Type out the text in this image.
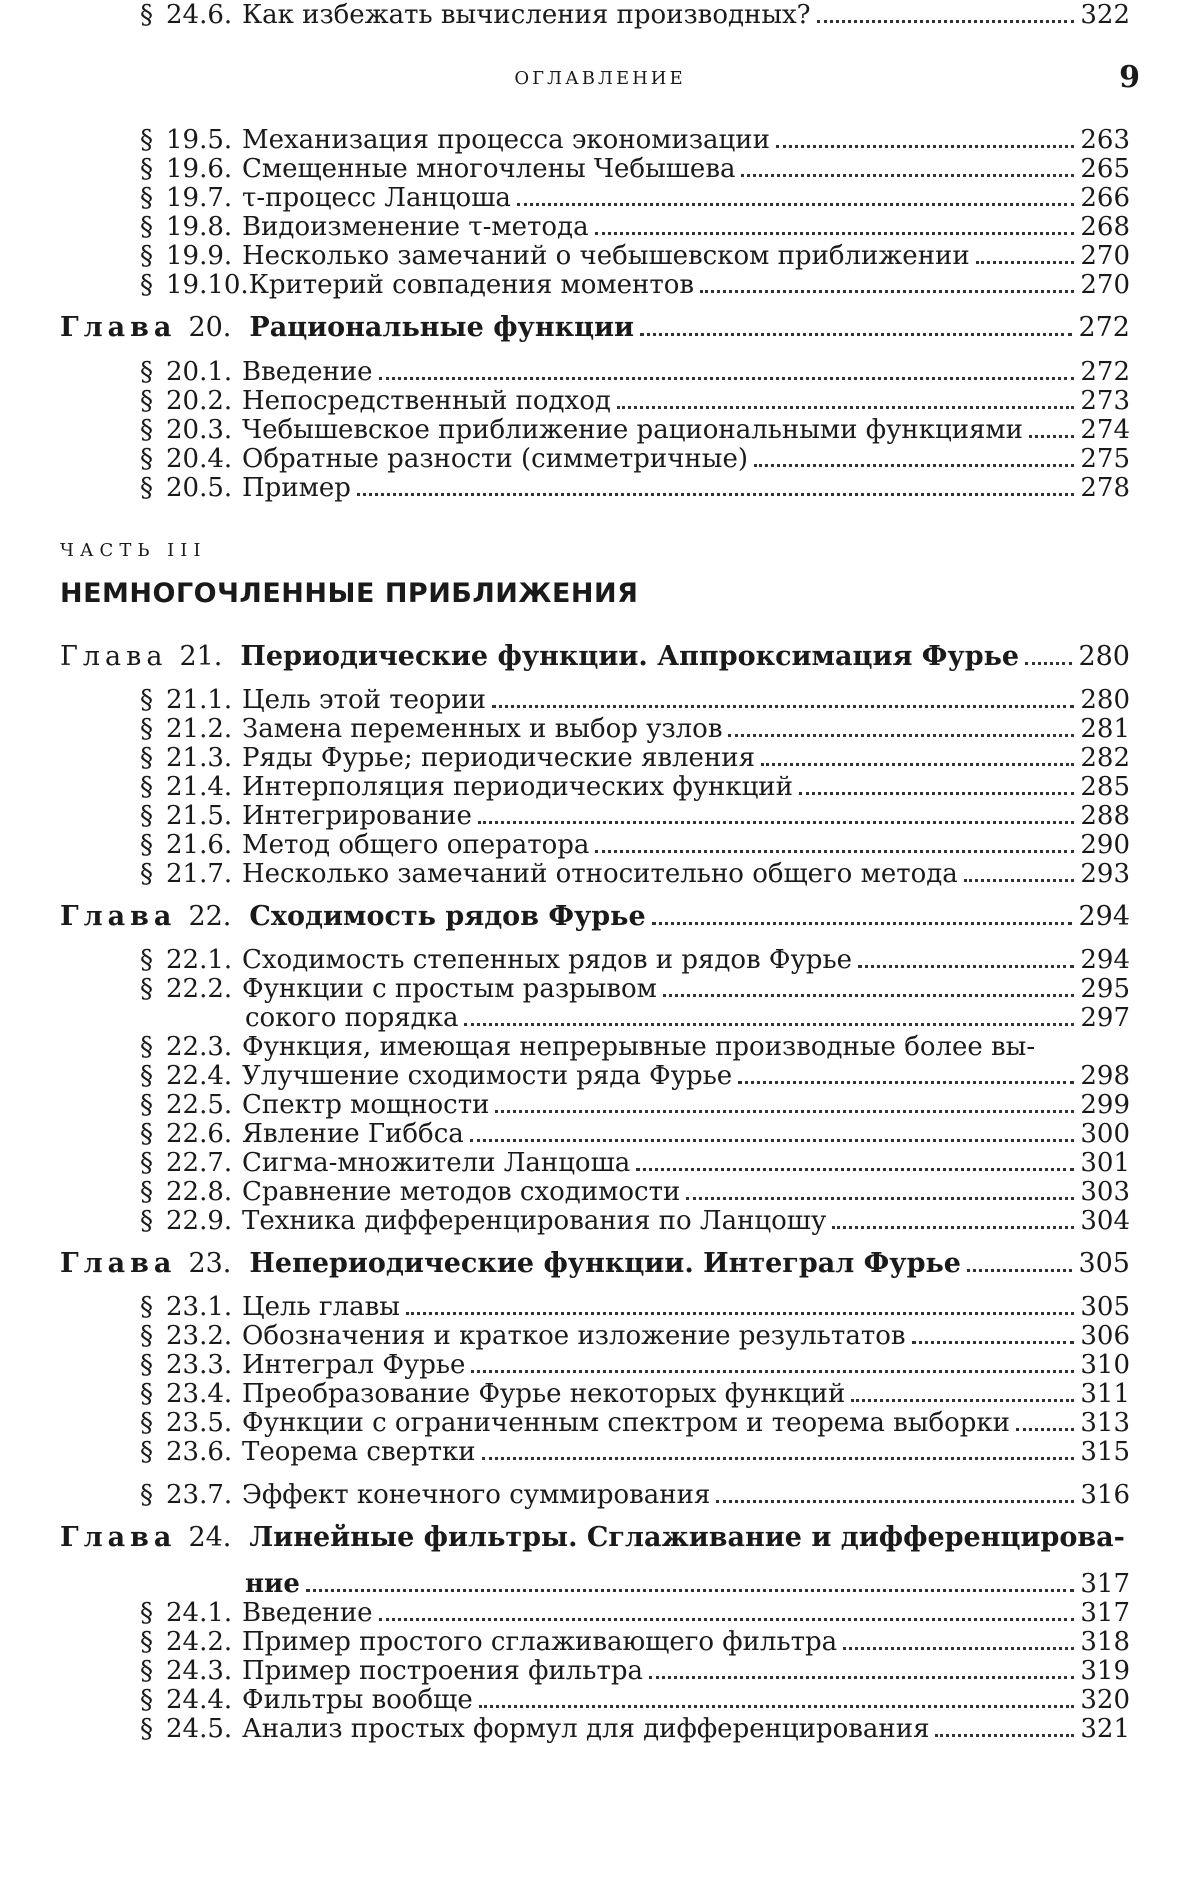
ОГЛАВЛЕНИЕ	9
ЧАСТЬ III
НЕМНОГОЧЛЕННЫЕ ПРИБЛИЖЕНИЯ
§ 19.5. Механизация процесса экономизации	263
§ 19.6. Смещенные многочлены Чебышева	265
§ 19.7. τ-процесс Ланцоша	266
§ 19.8. Видоизменение τ-метода	268
§ 19.9. Несколько замечаний о чебышевском приближении	270
§ 19.10. Критерий совпадения моментов	270
Глава 20. Рациональные функции	272
§ 20.1. Введение	272
§ 20.2. Непосредственный подход	273
§ 20.3. Чебышевское приближение рациональными функциями 274
§ 20.4. Обратные разности (симметричные)	275
§ 20.5. Пример	278
Глава 21. Периодические функции. Аппроксимация Фурье 280
§ 21.1. Цель этой теории	280
§ 21.2. Замена переменных и выбор узлов	281
§ 21.3. Ряды Фурье; периодические явления	282
§ 21.4. Интерполяция периодических функций	285
§ 21.5. Интегрирование	288
§ 21.6. Метод общего оператора	290
§ 21.7. Несколько замечаний относительно общего метода	293
Глава 22. Сходимость рядов Фурье	294
§ 22.1. Сходимость степенных рядов и рядов Фурье	294
§ 22.2. Функции с простым разрывом	295
§ 22.3. Функция, имеющая непрерывные производные более вы-
сокого порядка	297
§ 22.4. Улучшение сходимости ряда Фурье	298
§ 22.5. Спектр мощности	299
§ 22.6. Явление Гиббса	300
§ 22.7. Сигма-множители Ланцоша	301
§ 22.8. Сравнение методов сходимости	303
§ 22.9. Техника дифференцирования по Ланцошу	304
Глава 23. Непериодические функции. Интеграл Фурье	305
§ 23.1. Цель главы	305
§ 23.2. Обозначения и краткое изложение результатов	306
§ 23.3. Интеграл Фурье	310
§ 23.4. Преобразование Фурье некоторых функций	311
§ 23.5. Функции с ограниченным спектром и теорема выборки	313
§ 23.6. Теорема свертки	315
§ 23.7. Эффект конечного суммирования	316
Глава 24. Линейные фильтры. Сглаживание и дифференцирова-
ние	317
§ 24.1. Введение	317
§ 24.2. Пример простого сглаживающего фильтра	318
§ 24.3. Пример построения фильтра	319
§ 24.4. Фильтры вообще	320
§ 24.5. Анализ простых формул для дифференцирования	321
§ 24.6. Как избежать вычисления производных?	322
